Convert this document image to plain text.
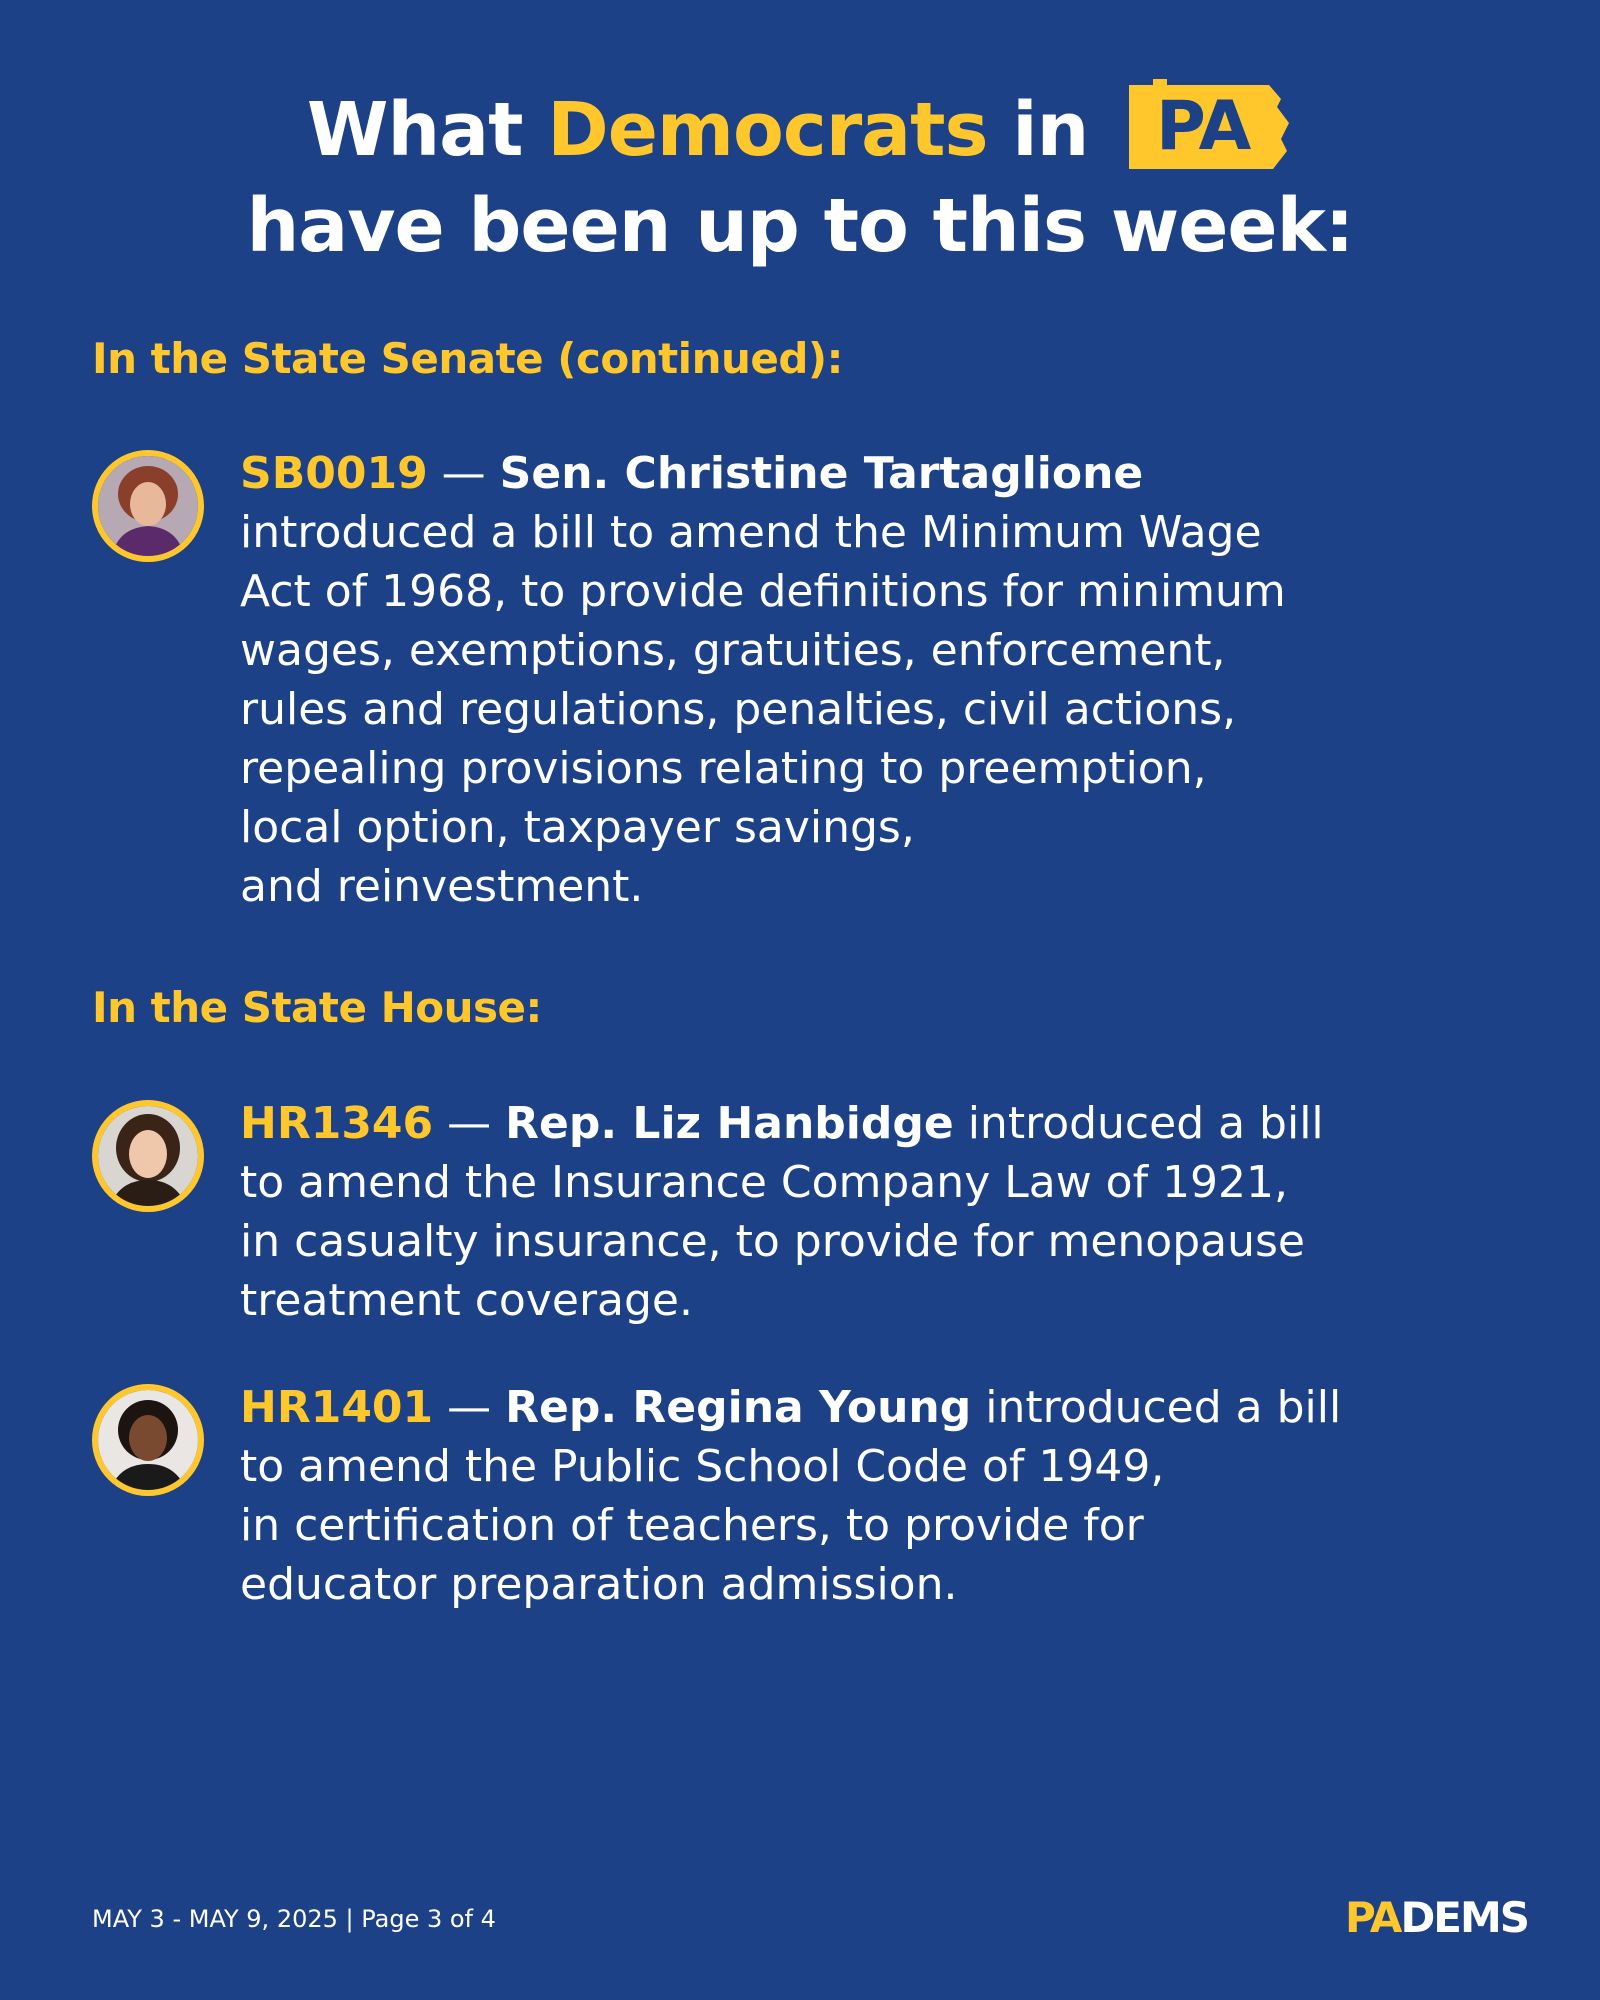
What Democrats in PA
have been up to this week:
In the State Senate (continued):
SB0019 — Sen. Christine Tartaglione
introduced a bill to amend the Minimum Wage
Act of 1968, to provide definitions for minimum
wages, exemptions, gratuities, enforcement,
rules and regulations, penalties, civil actions,
repealing provisions relating to preemption,
local option, taxpayer savings,
and reinvestment.
In the State House:
HR1346 — Rep. Liz Hanbidge introduced a bill
to amend the Insurance Company Law of 1921,
in casualty insurance, to provide for menopause
treatment coverage.
HR1401 — Rep. Regina Young introduced a bill
to amend the Public School Code of 1949,
in certification of teachers, to provide for
educator preparation admission.
MAY 3 - MAY 9, 2025 | Page 3 of 4	PADEMS
